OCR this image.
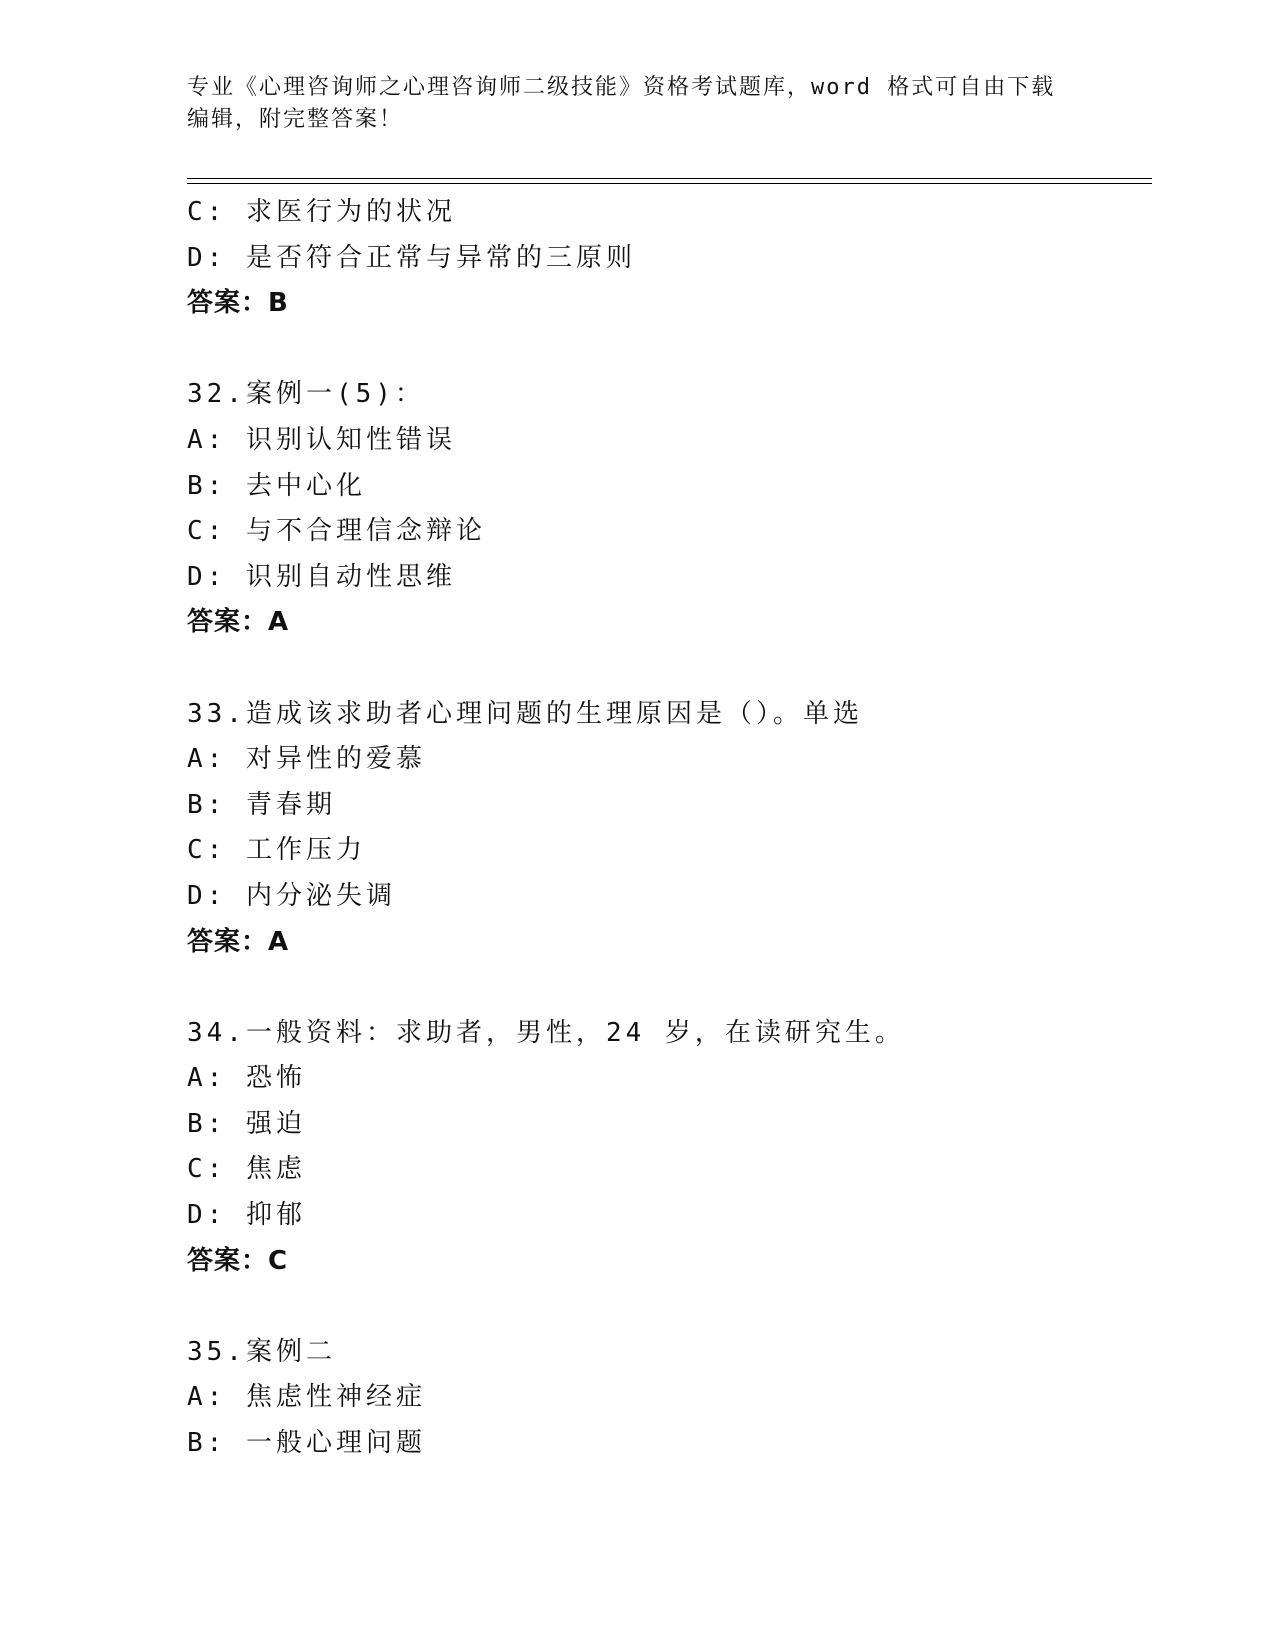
专业《心理咨询师之心理咨询师二级技能》资格考试题库，word 格式可自由下载
编辑，附完整答案！
C: 求医行为的状况
D: 是否符合正常与异常的三原则
答案：B
32.案例一(5)：
A: 识别认知性错误
B: 去中心化
C: 与不合理信念辩论
D: 识别自动性思维
答案：A
33.造成该求助者心理问题的生理原因是（）。单选
A: 对异性的爱慕
B: 青春期
C: 工作压力
D: 内分泌失调
答案：A
34.一般资料：求助者，男性，24 岁，在读研究生。
A: 恐怖
B: 强迫
C: 焦虑
D: 抑郁
答案：C
35.案例二
A: 焦虑性神经症
B: 一般心理问题
